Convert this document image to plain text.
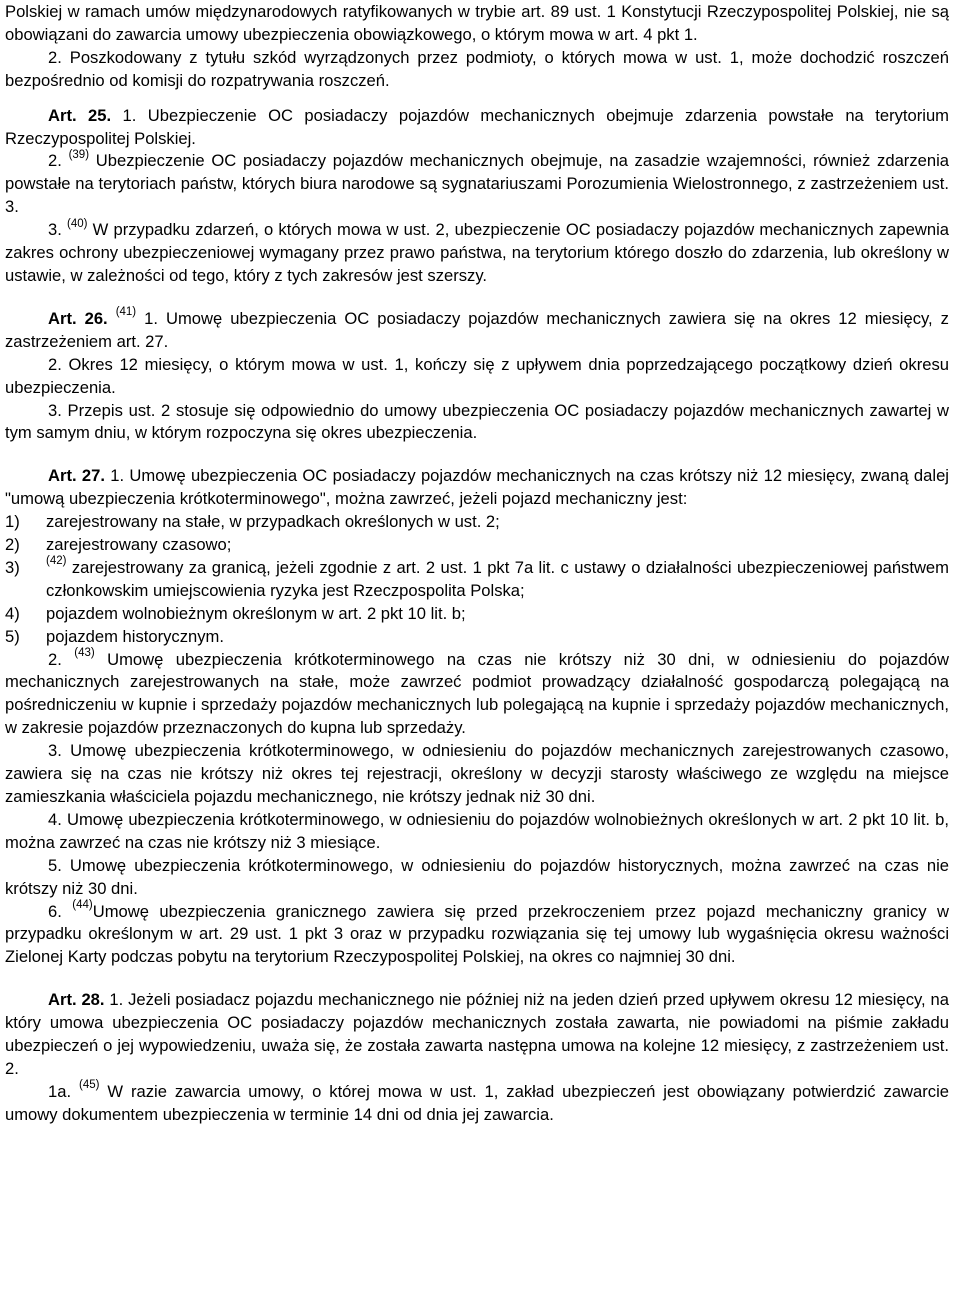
Polskiej w ramach umów międzynarodowych ratyfikowanych w trybie art. 89 ust. 1 Konstytucji Rzeczypospolitej Polskiej, nie są obowiązani do zawarcia umowy ubezpieczenia obowiązkowego, o którym mowa w art. 4 pkt 1.

2. Poszkodowany z tytułu szkód wyrządzonych przez podmioty, o których mowa w ust. 1, może dochodzić roszczeń bezpośrednio od komisji do rozpatrywania roszczeń.

Art. 25. 1. Ubezpieczenie OC posiadaczy pojazdów mechanicznych obejmuje zdarzenia powstałe na terytorium Rzeczypospolitej Polskiej.

2. $^{(39)}$ Ubezpieczenie OC posiadaczy pojazdów mechanicznych obejmuje, na zasadzie wzajemności, również zdarzenia powstałe na terytoriach państw, których biura narodowe są sygnatariuszami Porozumienia Wielostronnego, z zastrzeżeniem ust. 3.

3. $^{(40)}$ W przypadku zdarzeń, o których mowa w ust. 2, ubezpieczenie OC posiadaczy pojazdów mechanicznych zapewnia zakres ochrony ubezpieczeniowej wymagany przez prawo państwa, na terytorium którego doszło do zdarzenia, lub określony w ustawie, w zależności od tego, który z tych zakresów jest szerszy.

Art. 26. $^{(41)}$ 1. Umowę ubezpieczenia OC posiadaczy pojazdów mechanicznych zawiera się na okres 12 miesięcy, z zastrzeżeniem art. 27.

2. Okres 12 miesięcy, o którym mowa w ust. 1, kończy się z upływem dnia poprzedzającego początkowy dzień okresu ubezpieczenia.

3. Przepis ust. 2 stosuje się odpowiednio do umowy ubezpieczenia OC posiadaczy pojazdów mechanicznych zawartej w tym samym dniu, w którym rozpoczyna się okres ubezpieczenia.

Art. 27. 1. Umowę ubezpieczenia OC posiadaczy pojazdów mechanicznych na czas krótszy niż 12 miesięcy, zwaną dalej "umową ubezpieczenia krótkoterminowego", można zawrzeć, jeżeli pojazd mechaniczny jest:

1)	zarejestrowany na stałe, w przypadkach określonych w ust. 2;
2)	zarejestrowany czasowo;
3)	$^{(42)}$ zarejestrowany za granicą, jeżeli zgodnie z art. 2 ust. 1 pkt 7a lit. c ustawy o działalności ubezpieczeniowej państwem członkowskim umiejscowienia ryzyka jest Rzeczpospolita Polska;
4)	pojazdem wolnobieżnym określonym w art. 2 pkt 10 lit. b;
5)	pojazdem historycznym.

2. $^{(43)}$ Umowę ubezpieczenia krótkoterminowego na czas nie krótszy niż 30 dni, w odniesieniu do pojazdów mechanicznych zarejestrowanych na stałe, może zawrzeć podmiot prowadzący działalność gospodarczą polegającą na pośredniczeniu w kupnie i sprzedaży pojazdów mechanicznych lub polegającą na kupnie i sprzedaży pojazdów mechanicznych, w zakresie pojazdów przeznaczonych do kupna lub sprzedaży.

3. Umowę ubezpieczenia krótkoterminowego, w odniesieniu do pojazdów mechanicznych zarejestrowanych czasowo, zawiera się na czas nie krótszy niż okres tej rejestracji, określony w decyzji starosty właściwego ze względu na miejsce zamieszkania właściciela pojazdu mechanicznego, nie krótszy jednak niż 30 dni.

4. Umowę ubezpieczenia krótkoterminowego, w odniesieniu do pojazdów wolnobieżnych określonych w art. 2 pkt 10 lit. b, można zawrzeć na czas nie krótszy niż 3 miesiące.

5. Umowę ubezpieczenia krótkoterminowego, w odniesieniu do pojazdów historycznych, można zawrzeć na czas nie krótszy niż 30 dni.

6. $^{(44)}$Umowę ubezpieczenia granicznego zawiera się przed przekroczeniem przez pojazd mechaniczny granicy w przypadku określonym w art. 29 ust. 1 pkt 3 oraz w przypadku rozwiązania się tej umowy lub wygaśnięcia okresu ważności Zielonej Karty podczas pobytu na terytorium Rzeczypospolitej Polskiej, na okres co najmniej 30 dni.

Art. 28. 1. Jeżeli posiadacz pojazdu mechanicznego nie później niż na jeden dzień przed upływem okresu 12 miesięcy, na który umowa ubezpieczenia OC posiadaczy pojazdów mechanicznych została zawarta, nie powiadomi na piśmie zakładu ubezpieczeń o jej wypowiedzeniu, uważa się, że została zawarta następna umowa na kolejne 12 miesięcy, z zastrzeżeniem ust. 2.

1a. $^{(45)}$ W razie zawarcia umowy, o której mowa w ust. 1, zakład ubezpieczeń jest obowiązany potwierdzić zawarcie umowy dokumentem ubezpieczenia w terminie 14 dni od dnia jej zawarcia.
